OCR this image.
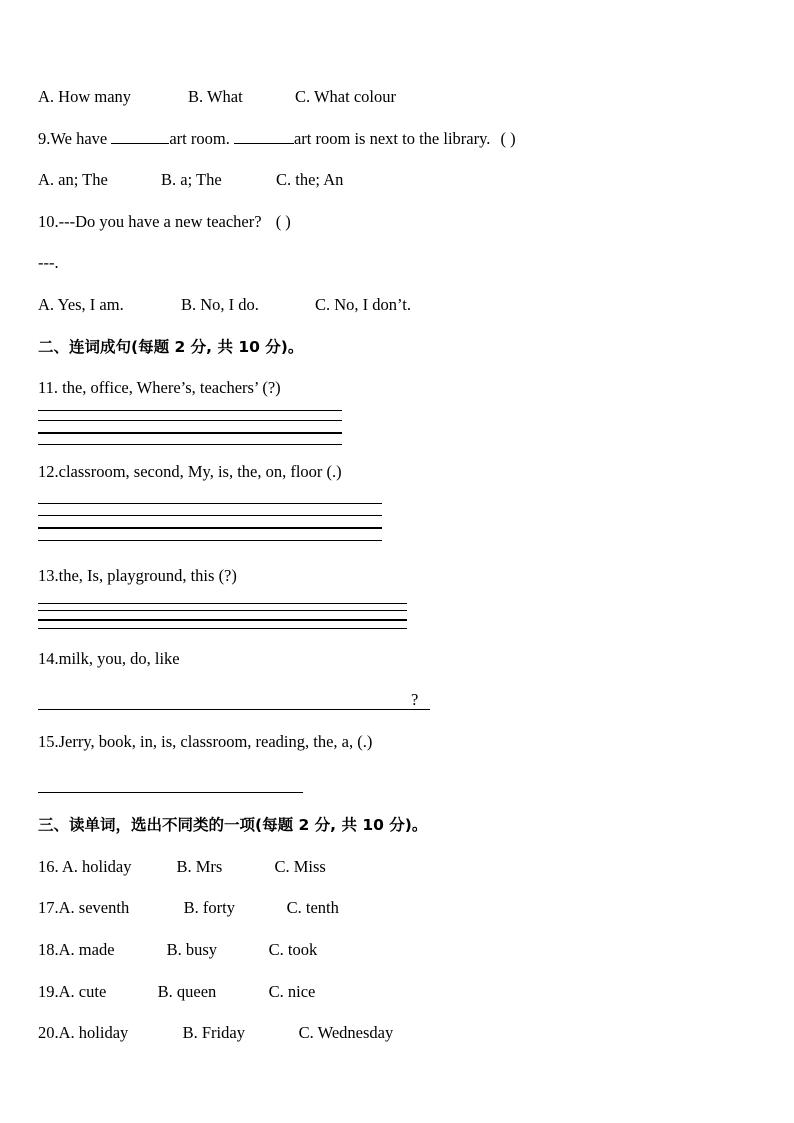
A. How many	B. What	C. What colour
9.We have	art room.	art room is next to the library. ( )
A. an; The	B. a; The	C. the; An
10.---Do you have a new teacher? ( )
---.
A. Yes, I am.	B. No, I do.	C. No, I don’t.
二、连词成句(每题 2 分, 共 10 分)。
11. the, office, Where’s, teachers’ (?)
12.classroom, second, My, is, the, on, floor (.)
13.the, Is, playground, this (?)
14.milk, you, do, like
?
15.Jerry, book, in, is, classroom, reading, the, a, (.)
三、读单词，选出不同类的一项(每题 2 分, 共 10 分)。
16. A. holiday	B. Mrs	C. Miss
17.A. seventh	B. forty	C. tenth
18.A. made	B. busy	C. took
19.A. cute	B. queen	C. nice
20.A. holiday	B. Friday	C. Wednesday
